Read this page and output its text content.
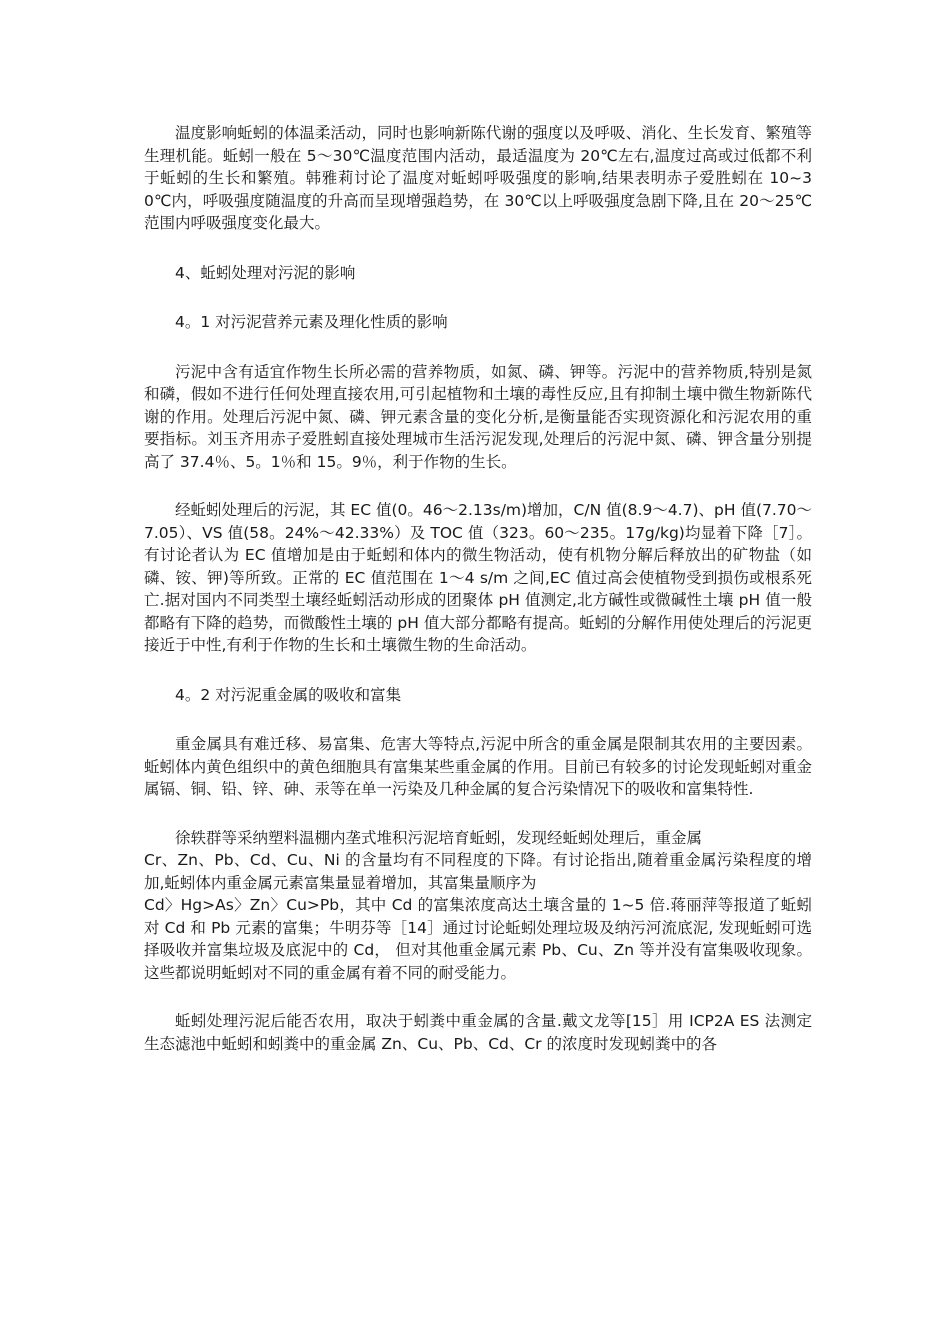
温度影响蚯蚓的体温柔活动，同时也影响新陈代谢的强度以及呼吸、消化、生长发育、繁殖等生理机能。蚯蚓一般在 5～30℃温度范围内活动，最适温度为 20℃左右,温度过高或过低都不利于蚯蚓的生长和繁殖。韩雅莉讨论了温度对蚯蚓呼吸强度的影响,结果表明赤子爱胜蚓在 10~30℃内，呼吸强度随温度的升高而呈现增强趋势，在 30℃以上呼吸强度急剧下降,且在 20～25℃范围内呼吸强度变化最大。

4、蚯蚓处理对污泥的影响

4。1 对污泥营养元素及理化性质的影响

污泥中含有适宜作物生长所必需的营养物质，如氮、磷、钾等。污泥中的营养物质,特别是氮和磷，假如不进行任何处理直接农用,可引起植物和土壤的毒性反应,且有抑制土壤中微生物新陈代谢的作用。处理后污泥中氮、磷、钾元素含量的变化分析,是衡量能否实现资源化和污泥农用的重要指标。刘玉齐用赤子爱胜蚓直接处理城市生活污泥发现,处理后的污泥中氮、磷、钾含量分别提高了 37.4％、5。1％和 15。9％，利于作物的生长。

经蚯蚓处理后的污泥，其 EC 值(0。46～2.13s/m)增加，C/N 值(8.9～4.7)、pH 值(7.70～7.05）、VS 值(58。24%～42.33%）及 TOC 值（323。60～235。17g/kg)均显着下降［7］。有讨论者认为 EC 值增加是由于蚯蚓和体内的微生物活动，使有机物分解后释放出的矿物盐（如磷、铵、钾)等所致。正常的 EC 值范围在 1～4 s/m 之间,EC 值过高会使植物受到损伤或根系死亡.据对国内不同类型土壤经蚯蚓活动形成的团聚体 pH 值测定,北方碱性或微碱性土壤 pH 值一般都略有下降的趋势，而微酸性土壤的 pH 值大部分都略有提高。蚯蚓的分解作用使处理后的污泥更接近于中性,有利于作物的生长和土壤微生物的生命活动。

4。2 对污泥重金属的吸收和富集

重金属具有难迁移、易富集、危害大等特点,污泥中所含的重金属是限制其农用的主要因素。蚯蚓体内黄色组织中的黄色细胞具有富集某些重金属的作用。目前已有较多的讨论发现蚯蚓对重金属镉、铜、铅、锌、砷、汞等在单一污染及几种金属的复合污染情况下的吸收和富集特性.

徐轶群等采纳塑料温棚内垄式堆积污泥培育蚯蚓，发现经蚯蚓处理后，重金属

Cr、Zn、Pb、Cd、Cu、Ni 的含量均有不同程度的下降。有讨论指出,随着重金属污染程度的增加,蚯蚓体内重金属元素富集量显着增加，其富集量顺序为

Cd〉Hg>As〉Zn〉Cu>Pb，其中 Cd 的富集浓度高达土壤含量的 1~5 倍.蒋丽萍等报道了蚯蚓对 Cd 和 Pb 元素的富集；牛明芬等［14］通过讨论蚯蚓处理垃圾及纳污河流底泥, 发现蚯蚓可选择吸收并富集垃圾及底泥中的 Cd， 但对其他重金属元素 Pb、Cu、Zn 等并没有富集吸收现象。这些都说明蚯蚓对不同的重金属有着不同的耐受能力。

蚯蚓处理污泥后能否农用，取决于蚓粪中重金属的含量.戴文龙等[15］用 ICP2A ES 法测定生态滤池中蚯蚓和蚓粪中的重金属 Zn、Cu、Pb、Cd、Cr 的浓度时发现蚓粪中的各
